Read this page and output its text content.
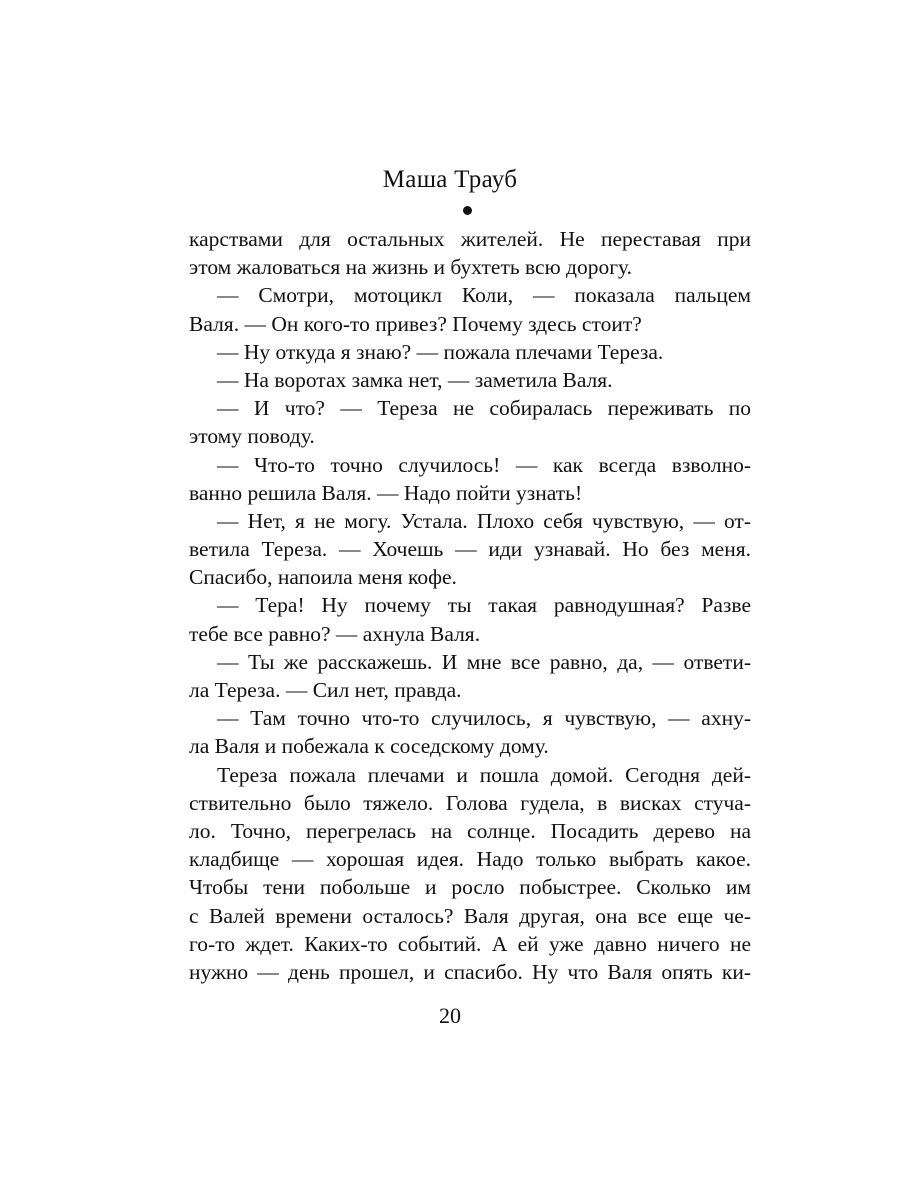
Маша Трауб
карствами для остальных жителей. Не переставая при
этом жаловаться на жизнь и бухтеть всю дорогу.
— Смотри, мотоцикл Коли, — показала пальцем
Валя. — Он кого-то привез? Почему здесь стоит?
— Ну откуда я знаю? — пожала плечами Тереза.
— На воротах замка нет, — заметила Валя.
— И что? — Тереза не собиралась переживать по
этому поводу.
— Что-то точно случилось! — как всегда взволно-
ванно решила Валя. — Надо пойти узнать!
— Нет, я не могу. Устала. Плохо себя чувствую, — от-
ветила Тереза. — Хочешь — иди узнавай. Но без меня.
Спасибо, напоила меня кофе.
— Тера! Ну почему ты такая равнодушная? Разве
тебе все равно? — ахнула Валя.
— Ты же расскажешь. И мне все равно, да, — ответи-
ла Тереза. — Сил нет, правда.
— Там точно что-то случилось, я чувствую, — ахну-
ла Валя и побежала к соседскому дому.
Тереза пожала плечами и пошла домой. Сегодня дей-
ствительно было тяжело. Голова гудела, в висках стуча-
ло. Точно, перегрелась на солнце. Посадить дерево на
кладбище — хорошая идея. Надо только выбрать какое.
Чтобы тени побольше и росло побыстрее. Сколько им
с Валей времени осталось? Валя другая, она все еще че-
го-то ждет. Каких-то событий. А ей уже давно ничего не
нужно — день прошел, и спасибо. Ну что Валя опять ки-
20
